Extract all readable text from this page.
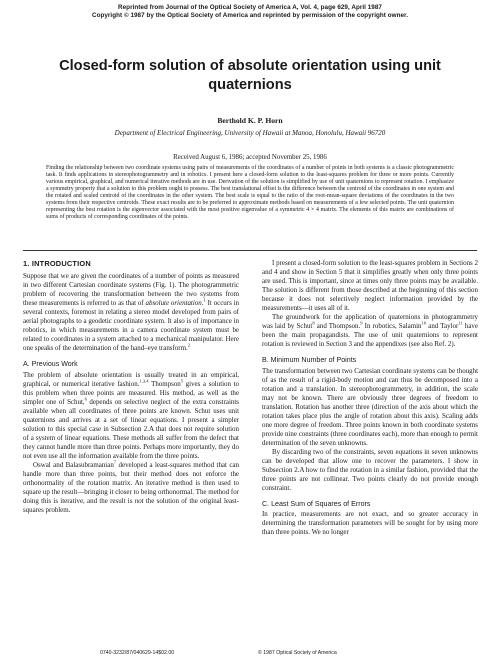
Reprinted from Journal of the Optical Society of America A, Vol. 4, page 629, April 1987
Copyright © 1987 by the Optical Society of America and reprinted by permission of the copyright owner.
Closed-form solution of absolute orientation using unit quaternions
Berthold K. P. Horn
Department of Electrical Engineering, University of Hawaii at Manoa, Honolulu, Hawaii 96720
Received August 6, 1986; accepted November 25, 1986
Finding the relationship between two coordinate systems using pairs of measurements of the coordinates of a number of points in both systems is a classic photogrammetric task. It finds applications in stereophotogrammetry and in robotics. I present here a closed-form solution to the least-squares problem for three or more points. Currently various empirical, graphical, and numerical iterative methods are in use. Derivation of the solution is simplified by use of unit quaternions to represent rotation. I emphasize a symmetry property that a solution to this problem ought to possess. The best translational offset is the difference between the centroid of the coordinates in one system and the rotated and scaled centroid of the coordinates in the other system. The best scale is equal to the ratio of the root-mean-square deviations of the coordinates in the two systems from their respective centroids. These exact results are to be preferred to approximate methods based on measurements of a few selected points. The unit quaternion representing the best rotation is the eigenvector associated with the most positive eigenvalue of a symmetric 4 × 4 matrix. The elements of this matrix are combinations of sums of products of corresponding coordinates of the points.
1. INTRODUCTION

Suppose that we are given the coordinates of a number of points as measured in two different Cartesian coordinate systems (Fig. 1). The photogrammetric problem of recovering the transformation between the two systems from these measurements is referred to as that of absolute orientation.$^1$ It occurs in several contexts, foremost in relating a stereo model developed from pairs of aerial photographs to a geodetic coordinate system. It also is of importance in robotics, in which measurements in a camera coordinate system must be related to coordinates in a system attached to a mechanical manipulator. Here one speaks of the determination of the hand–eye transform.$^2$

A. Previous Work

The problem of absolute orientation is usually treated in an empirical, graphical, or numerical iterative fashion.$^{1,3,4}$ Thompson$^5$ gives a solution to this problem when three points are measured. His method, as well as the simpler one of Schut,$^6$ depends on selective neglect of the extra constraints available when all coordinates of three points are known. Schut uses unit quaternions and arrives at a set of linear equations. I present a simpler solution to this special case in Subsection 2.A that does not require solution of a system of linear equations. These methods all suffer from the defect that they cannot handle more than three points. Perhaps more importantly, they do not even use all the information available from the three points.

Oswal and Balasubramanian$^7$ developed a least-squares method that can handle more than three points, but their method does not enforce the orthonormality of the rotation matrix. An iterative method is then used to square up the result—bringing it closer to being orthonormal. The method for doing this is iterative, and the result is not the solution of the original least-squares problem.

I present a closed-form solution to the least-squares problem in Sections 2 and 4 and show in Section 5 that it simplifies greatly when only three points are used. This is important, since at times only three points may be available. The solution is different from those described at the beginning of this section because it does not selectively neglect information provided by the measurements—it uses all of it.

The groundwork for the application of quaternions in photogrammetry was laid by Schut$^8$ and Thompson.$^9$ In robotics, Salamin$^{10}$ and Taylor$^{11}$ have been the main propagandists. The use of unit quaternions to represent rotation is reviewed in Section 3 and the appendixes (see also Ref. 2).

B. Minimum Number of Points

The transformation between two Cartesian coordinate systems can be thought of as the result of a rigid-body motion and can thus be decomposed into a rotation and a translation. In stereophotogrammetry, in addition, the scale may not be known. There are obviously three degrees of freedom to translation. Rotation has another three (direction of the axis about which the rotation takes place plus the angle of rotation about this axis). Scaling adds one more degree of freedom. Three points known in both coordinate systems provide nine constraints (three coordinates each), more than enough to permit determination of the seven unknowns.

By discarding two of the constraints, seven equations in seven unknowns can be developed that allow one to recover the parameters. I show in Subsection 2.A how to find the rotation in a similar fashion, provided that the three points are not collinear. Two points clearly do not provide enough constraint.

C. Least Sum of Squares of Errors

In practice, measurements are not exact, and so greater accuracy in determining the transformation parameters will be sought for by using more than three points. We no longer

0740-3232/87/040629-14$02.00	© 1987 Optical Society of America
